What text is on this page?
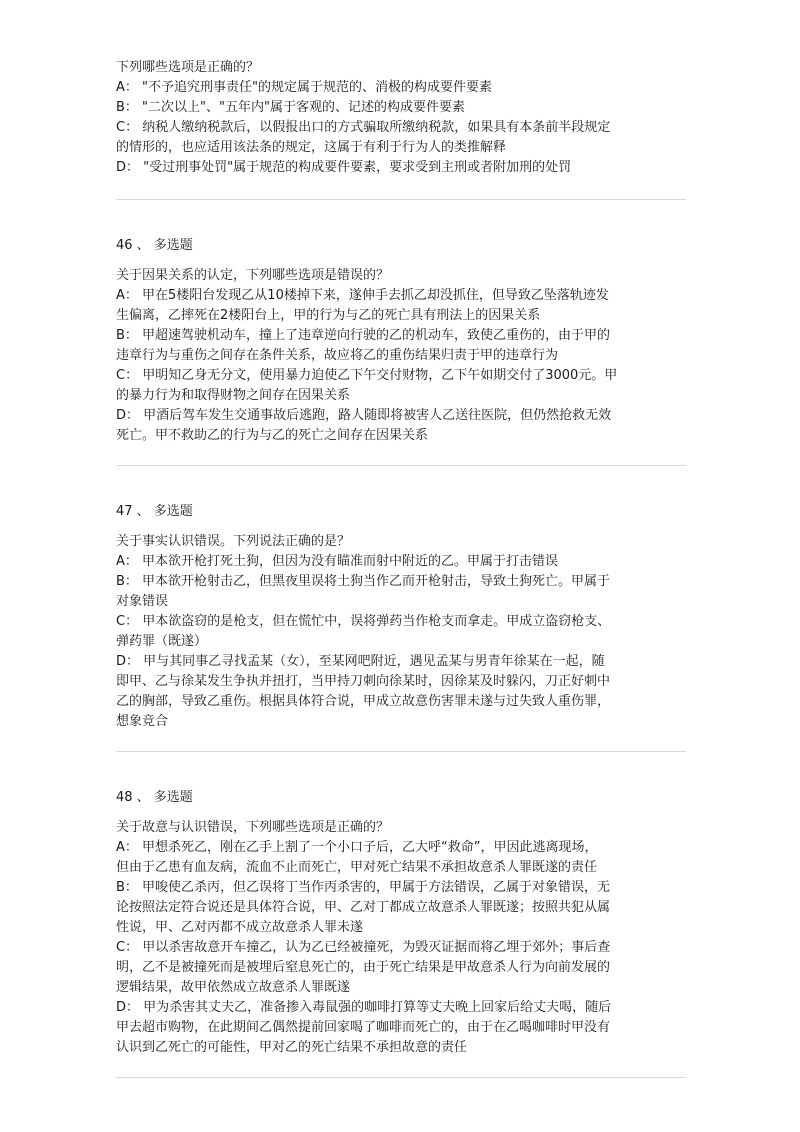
下列哪些选项是正确的？
A： "不予追究刑事责任"的规定属于规范的、消极的构成要件要素
B： "二次以上"、"五年内"属于客观的、记述的构成要件要素
C： 纳税人缴纳税款后，以假报出口的方式骗取所缴纳税款，如果具有本条前半段规定
的情形的，也应适用该法条的规定，这属于有利于行为人的类推解释
D： "受过刑事处罚"属于规范的构成要件要素，要求受到主刑或者附加刑的处罚
46 、 多选题
关于因果关系的认定，下列哪些选项是错误的？
A： 甲在5楼阳台发现乙从10楼掉下来，遂伸手去抓乙却没抓住，但导致乙坠落轨迹发
生偏离，乙摔死在2楼阳台上，甲的行为与乙的死亡具有刑法上的因果关系
B： 甲超速驾驶机动车，撞上了违章逆向行驶的乙的机动车，致使乙重伤的，由于甲的
违章行为与重伤之间存在条件关系，故应将乙的重伤结果归责于甲的违章行为
C： 甲明知乙身无分文，使用暴力迫使乙下午交付财物，乙下午如期交付了3000元。甲
的暴力行为和取得财物之间存在因果关系
D： 甲酒后驾车发生交通事故后逃跑，路人随即将被害人乙送往医院，但仍然抢救无效
死亡。甲不救助乙的行为与乙的死亡之间存在因果关系
47 、 多选题
关于事实认识错误。下列说法正确的是？
A： 甲本欲开枪打死土狗，但因为没有瞄准而射中附近的乙。甲属于打击错误
B： 甲本欲开枪射击乙，但黑夜里误将土狗当作乙而开枪射击，导致土狗死亡。甲属于
对象错误
C： 甲本欲盗窃的是枪支，但在慌忙中，误将弹药当作枪支而拿走。甲成立盗窃枪支、
弹药罪（既遂）
D： 甲与其同事乙寻找孟某（女），至某网吧附近，遇见孟某与男青年徐某在一起，随
即甲、乙与徐某发生争执并扭打，当甲持刀刺向徐某时，因徐某及时躲闪，刀正好刺中
乙的胸部，导致乙重伤。根据具体符合说，甲成立故意伤害罪未遂与过失致人重伤罪，
想象竞合
48 、 多选题
关于故意与认识错误，下列哪些选项是正确的？
A： 甲想杀死乙，刚在乙手上割了一个小口子后，乙大呼“救命”，甲因此逃离现场，
但由于乙患有血友病，流血不止而死亡，甲对死亡结果不承担故意杀人罪既遂的责任
B： 甲唆使乙杀丙，但乙误将丁当作丙杀害的，甲属于方法错误，乙属于对象错误，无
论按照法定符合说还是具体符合说，甲、乙对丁都成立故意杀人罪既遂；按照共犯从属
性说，甲、乙对丙都不成立故意杀人罪未遂
C： 甲以杀害故意开车撞乙，认为乙已经被撞死，为毁灭证据而将乙埋于郊外；事后查
明，乙不是被撞死而是被埋后窒息死亡的，由于死亡结果是甲故意杀人行为向前发展的
逻辑结果，故甲依然成立故意杀人罪既遂
D： 甲为杀害其丈夫乙，准备掺入毒鼠强的咖啡打算等丈夫晚上回家后给丈夫喝，随后
甲去超市购物，在此期间乙偶然提前回家喝了咖啡而死亡的，由于在乙喝咖啡时甲没有
认识到乙死亡的可能性，甲对乙的死亡结果不承担故意的责任
